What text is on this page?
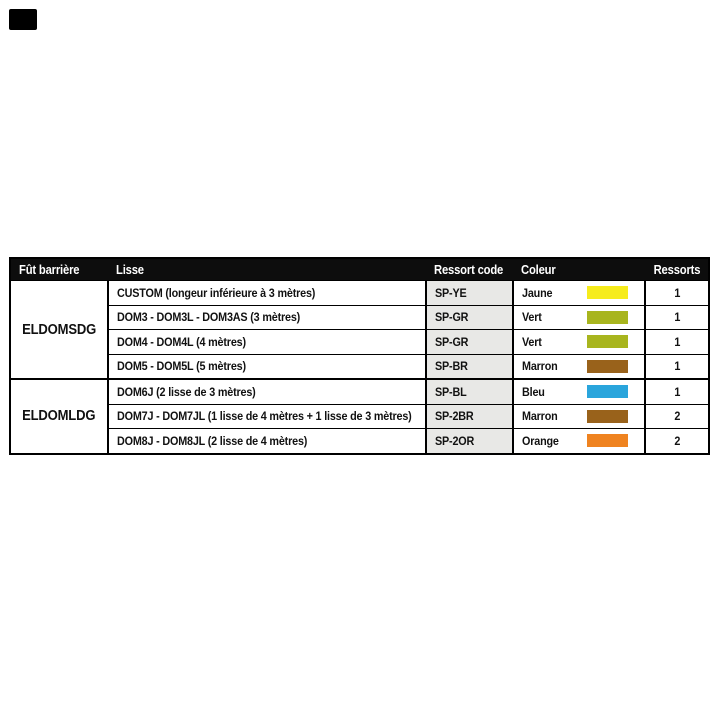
Fût barrière	Lisse	Ressort code	Coleur	Ressorts
ELDOMSDG	CUSTOM (longeur inférieure à 3 mètres)	SP-YE	Jaune	1
	DOM3 - DOM3L - DOM3AS (3 mètres)	SP-GR	Vert	1
	DOM4 - DOM4L (4 mètres)	SP-GR	Vert	1
	DOM5 - DOM5L (5 mètres)	SP-BR	Marron	1
ELDOMLDG	DOM6J (2 lisse de 3 mètres)	SP-BL	Bleu	1
	DOM7J - DOM7JL (1 lisse de 4 mètres + 1 lisse de 3 mètres)	SP-2BR	Marron	2
	DOM8J - DOM8JL (2 lisse de 4 mètres)	SP-2OR	Orange	2
